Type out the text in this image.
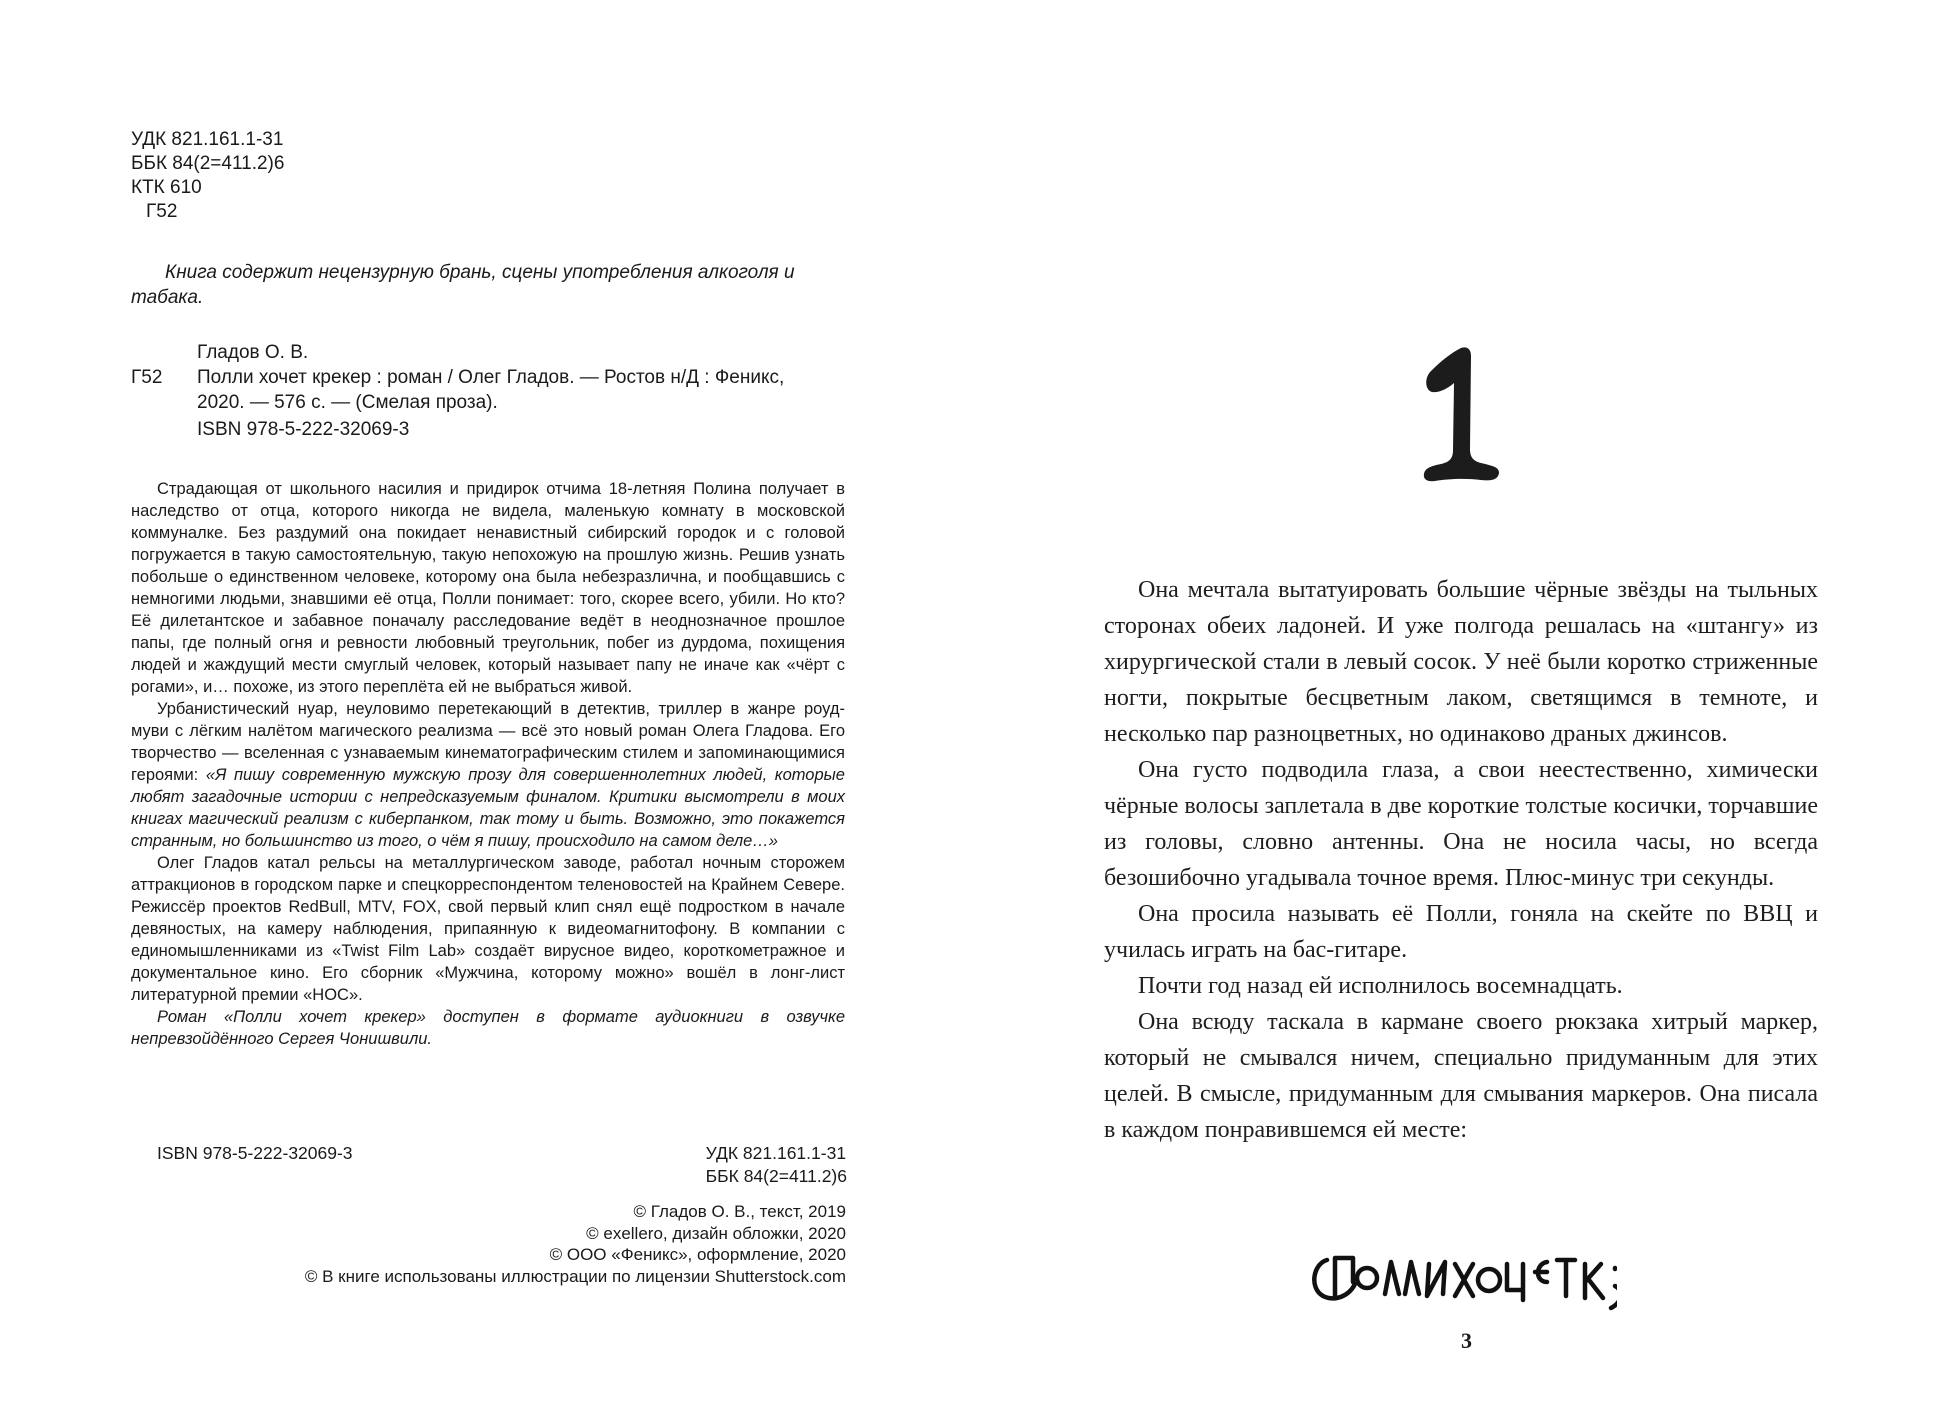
УДК 821.161.1-31
ББК 84(2=411.2)6
КТК 610
Г52
Книга содержит нецензурную брань, сцены употребления алкоголя и табака.
Гладов О. В.
Г52 Полли хочет крекер : роман / Олег Гладов. — Ростов н/Д : Феникс,
2020. — 576 с. — (Смелая проза).
ISBN 978-5-222-32069-3

Страдающая от школьного насилия и придирок отчима 18-летняя Полина получает в наследство от отца, которого никогда не видела, маленькую комнату в московской коммуналке. Без раздумий она покидает ненавистный сибирский городок и с головой погружается в такую самостоятельную, такую непохожую на прошлую жизнь. Решив узнать побольше о единственном человеке, которому она была небезразлична, и пообщавшись с немногими людьми, знавшими её отца, Полли понимает: того, скорее всего, убили. Но кто? Её дилетантское и забавное поначалу расследование ведёт в неоднозначное прошлое папы, где полный огня и ревности любовный треугольник, побег из дурдома, похищения людей и жаждущий мести смуглый человек, который называет папу не иначе как «чёрт с рогами», и… похоже, из этого переплёта ей не выбраться живой.

Урбанистический нуар, неуловимо перетекающий в детектив, триллер в жанре роуд-муви с лёгким налётом магического реализма — всё это новый роман Олега Гладова. Его творчество — вселенная с узнаваемым кинематографическим стилем и запоминающимися героями: «Я пишу современную мужскую прозу для совершеннолетних людей, которые любят загадочные истории с непредсказуемым финалом. Критики высмотрели в моих книгах магический реализм с киберпанком, так тому и быть. Возможно, это покажется странным, но большинство из того, о чём я пишу, происходило на самом деле…»

Олег Гладов катал рельсы на металлургическом заводе, работал ночным сторожем аттракционов в городском парке и спецкорреспондентом теленовостей на Крайнем Севере. Режиссёр проектов RedBull, MTV, FOX, свой первый клип снял ещё подростком в начале девяностых, на камеру наблюдения, припаянную к видеомагнитофону. В компании с единомышленниками из «Twist Film Lab» создаёт вирусное видео, короткометражное и документальное кино. Его сборник «Мужчина, которому можно» вошёл в лонг-лист литературной премии «НОС».

Роман «Полли хочет крекер» доступен в формате аудиокниги в озвучке непревзойдённого Сергея Чонишвили.

ISBN 978-5-222-32069-3	УДК 821.161.1-31
ББК 84(2=411.2)6
© Гладов О. В., текст, 2019
© exellero, дизайн обложки, 2020
© ООО «Феникс», оформление, 2020
© В книге использованы иллюстрации по лицензии Shutterstock.com

Она мечтала вытатуировать большие чёрные звёзды на тыльных сторонах обеих ладоней. И уже полгода решалась на «штангу» из хирургической стали в левый сосок. У неё были коротко стриженные ногти, покрытые бесцветным лаком, светящимся в темноте, и несколько пар разноцветных, но одинаково драных джинсов.

Она густо подводила глаза, а свои неестественно, химически чёрные волосы заплетала в две короткие толстые косички, торчавшие из головы, словно антенны. Она не носила часы, но всегда безошибочно угадывала точное время. Плюс-минус три секунды.

Она просила называть её Полли, гоняла на скейте по ВВЦ и училась играть на бас-гитаре.

Почти год назад ей исполнилось восемнадцать.

Она всюду таскала в кармане своего рюкзака хитрый маркер, который не смывался ничем, специально придуманным для этих целей. В смысле, придуманным для смывания маркеров. Она писала в каждом понравившемся ей месте:

3
